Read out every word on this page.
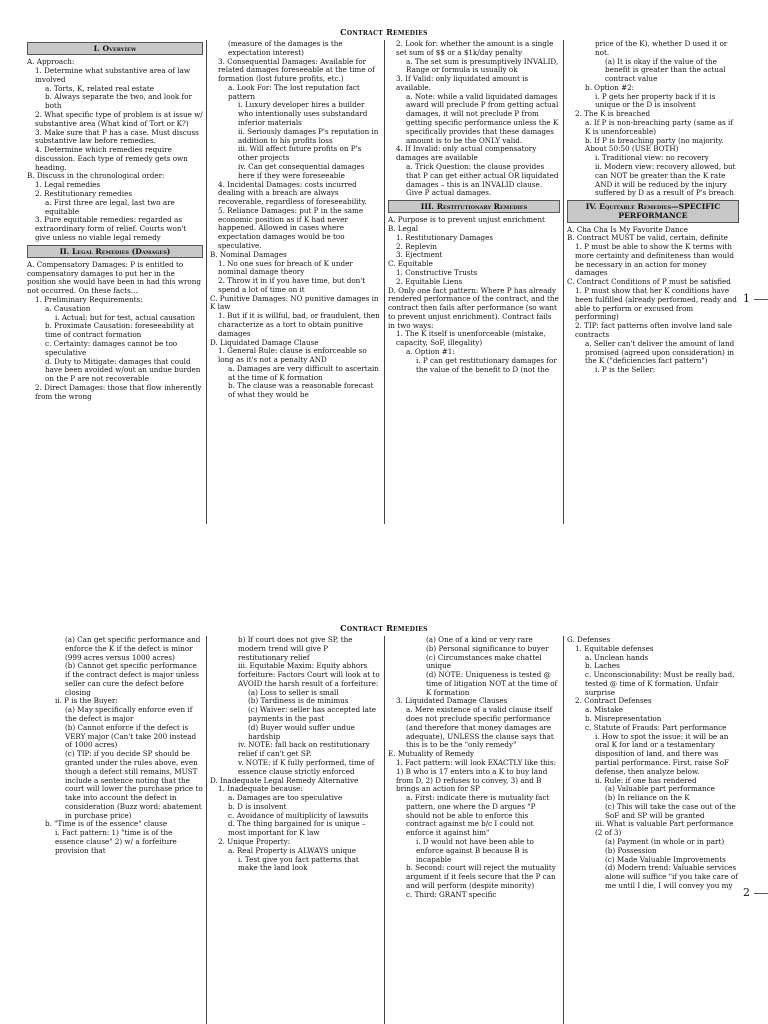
Contract Remedies
I. Overview

A. Approach:

1. Determine what substantive area of law involved

a. Torts, K, related real estate

b. Always separate the two, and look for both

2. What specific type of problem is at issue w/ substantive area (What kind of Tort or K?)

3. Make sure that P has a case. Must discuss substantive law before remedies.

4. Determine which remedies require discussion. Each type of remedy gets own heading.

B. Discuss in the chronological order:

1. Legal remedies

2. Restitutionary remedies

a. First three are legal, last two are equitable

3. Pure equitable remedies: regarded as extraordinary form of relief. Courts won't give unless no viable legal remedy

II. Legal Remedies (Damages)

A. Compensatory Damages: P is entitled to compensatory damages to put her in the position she would have been in had this wrong not occurred. On these facts…

1. Preliminary Requirements:

a. Causation

i. Actual: but for test, actual causation

b. Proximate Causation: foreseeability at time of contract formation

c. Certainty: damages cannot be too speculative

d. Duty to Mitigate: damages that could have been avoided w/out an undue burden on the P are not recoverable

2. Direct Damages: those that flow inherently from the wrong

(measure of the damages is the expectation interest)

3. Consequential Damages: Available for related damages foreseeable at the time of formation (lost future profits, etc.)

a. Look For: The lost reputation fact pattern

i. Luxury developer hires a builder who intentionally uses substandard inferior materials

ii. Seriously damages P's reputation in addition to his profits loss

iii. Will affect future profits on P's other projects

iv. Can get consequential damages here if they were foreseeable

4. Incidental Damages: costs incurred dealing with a breach are always recoverable, regardless of foreseeability.

5. Reliance Damages: put P in the same economic position as if K had never happened. Allowed in cases where expectation damages would be too speculative.

B. Nominal Damages

1. No one sues for breach of K under nominal damage theory

2. Throw it in if you have time, but don't spend a lot of time on it

C. Punitive Damages: NO punitive damages in K law

1. But if it is willful, bad, or fraudulent, then characterize as a tort to obtain punitive damages

D. Liquidated Damage Clause

1. General Rule: clause is enforceable so long as it's not a penalty AND

a. Damages are very difficult to ascertain at the time of K formation

b. The clause was a reasonable forecast of what they would be

2. Look for: whether the amount is a single set sum of $$ or a $1k/day penalty

a. The set sum is presumptively INVALID, Range or formula is usually ok

3. If Valid: only liquidated amount is available.

a. Note: while a valid liquidated damages award will preclude P from getting actual damages, it will not preclude P from getting specific performance unless the K specifically provides that these damages amount is to be the ONLY valid.

4. If Invalid: only actual compensatory damages are available

a. Trick Question: the clause provides that P can get either actual OR liquidated damages – this is an INVALID clause. Give P actual damages.

III. Restitutionary Remedies

A. Purpose is to prevent unjust enrichment

B. Legal

1. Restitutionary Damages

2. Replevin

3. Ejectment

C. Equitable

1. Constructive Trusts

2. Equitable Liens

D. Only one fact pattern: Where P has already rendered performance of the contract, and the contract then fails after performance (so want to prevent unjust enrichment). Contract fails in two ways:

1. The K itself is unenforceable (mistake, capacity, SoF, illegality)

a. Option #1:

i. P can get restitutionary damages for the value of the benefit to D (not the

price of the K), whether D used it or not.

(a) It is okay if the value of the benefit is greater than the actual contract value

b. Option #2:

i. P gets her property back if it is unique or the D is insolvent

2. The K is breached

a. If P is non-breaching party (same as if K is unenforceable)

b. If P is breaching party (no majority. About 50:50 (USE BOTH)

i. Traditional view: no recovery

ii. Modern view: recovery allowed, but can NOT be greater than the K rate AND it will be reduced by the injury suffered by D as a result of P's breach

IV. Equitable Remedies—SPECIFIC PERFORMANCE

A. Cha Cha Is My Favorite Dance

B. Contract MUST be valid, certain, definite

1. P must be able to show the K terms with more certainty and definiteness than would be necessary in an action for money damages

C. Contract Conditions of P must be satisfied

1. P must show that her K conditions have been fulfilled (already performed, ready and able to perform or excused from performing)

2. TIP: fact patterns often involve land sale contracts

a. Seller can't deliver the amount of land promised (agreed upon consideration) in the K ("deficiencies fact pattern")

i. P is the Seller:

1
Contract Remedies

(a) Can get specific performance and enforce the K if the defect is minor (999 acres versus 1000 acres)

(b) Cannot get specific performance if the contract defect is major unless seller can cure the defect before closing

ii. P is the Buyer:

(a) May specifically enforce even if the defect is major

(b) Cannot enforce if the defect is VERY major (Can't take 200 instead of 1000 acres)

(c) TIP: if you decide SP should be granted under the rules above, even though a defect still remains, MUST include a sentence noting that the court will lower the purchase price to take into account the defect in consideration (Buzz word: abatement in purchase price)

b. "Time is of the essence" clause

i. Fact pattern: 1) "time is of the essence clause" 2) w/ a forfeiture provision that

b) If court does not give SP, the modern trend will give P restitutionary relief

iii. Equitable Maxim: Equity abhors forfeiture: Factors Court will look at to AVOID the harsh result of a forfeiture:

(a) Loss to seller is small

(b) Tardiness is de minimus

(c) Waiver: seller has accepted late payments in the past

(d) Buyer would suffer undue hardship

iv. NOTE: fall back on restitutionary relief if can't get SP.

v. NOTE: if K fully performed, time of essence clause strictly enforced

D. Inadequate Legal Remedy Alternative

1. Inadequate because:

a. Damages are too speculative

b. D is insolvent

c. Avoidance of multiplicity of lawsuits

d. The thing bargained for is unique – most important for K law

2. Unique Property:

a. Real Property is ALWAYS unique

i. Test give you fact patterns that make the land look

(a) One of a kind or very rare

(b) Personal significance to buyer

(c) Circumstances make chattel unique

(d) NOTE: Uniqueness is tested @ time of litigation NOT at the time of K formation

3. Liquidated Damage Clauses

a. Mere existence of a valid clause itself does not preclude specific performance (and therefore that money damages are adequate), UNLESS the clause says that this is to be the "only remedy"

E. Mutuality of Remedy

1. Fact pattern: will look EXACTLY like this: 1) B who is 17 enters into a K to buy land from D, 2) D refuses to convey, 3) and B brings an action for SP

a. First: indicate there is mutuality fact pattern, one where the D argues "P should not be able to enforce this contract against me b/c I could not enforce it against him"

i. D would not have been able to enforce against B because B is incapable

b. Second: court will reject the mutuality argument if it feels secure that the P can and will perform (despite minority)

c. Third: GRANT specific

G. Defenses

1. Equitable defenses

a. Unclean hands

b. Laches

c. Unconscionability: Must be really bad, tested @ time of K formation. Unfair surprise

2. Contract Defenses

a. Mistake

b. Misrepresentation

c. Statute of Frauds: Part performance

i. How to spot the issue: it will be an oral K for land or a testamentary disposition of land, and there was partial performance. First, raise SoF defense, then analyze below.

ii. Rule: if one has rendered

(a) Valuable part performance

(b) In reliance on the K

(c) This will take the case out of the SoF and SP will be granted

iii. What is valuable Part performance (2 of 3)

(a) Payment (in whole or in part)

(b) Possession

(c) Made Valuable Improvements

(d) Modern trend: Valuable services alone will suffice "if you take care of me until I die, I will convey you my

2
